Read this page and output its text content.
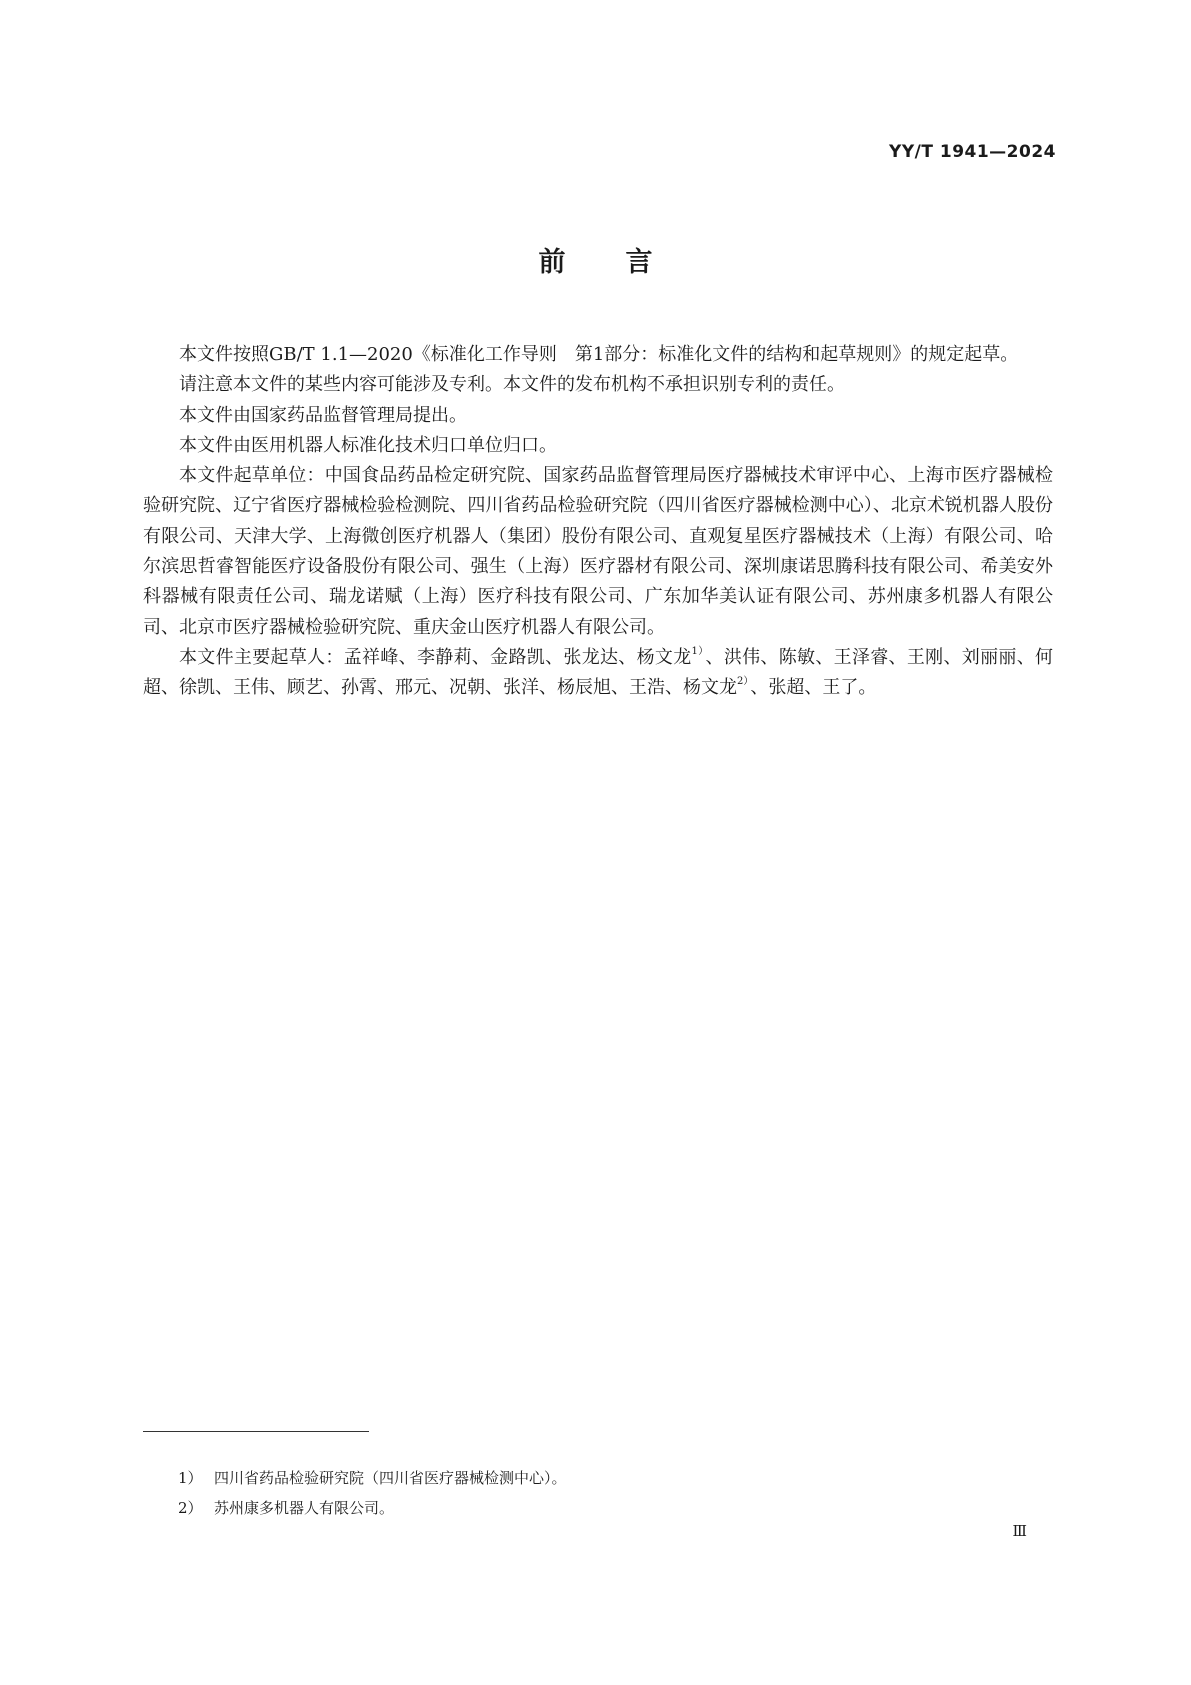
YY/T 1941—2024
前言

本文件按照GB/T 1.1—2020《标准化工作导则　第1部分：标准化文件的结构和起草规则》的规定起草。

请注意本文件的某些内容可能涉及专利。本文件的发布机构不承担识别专利的责任。

本文件由国家药品监督管理局提出。

本文件由医用机器人标准化技术归口单位归口。

本文件起草单位：中国食品药品检定研究院、国家药品监督管理局医疗器械技术审评中心、上海市医疗器械检验研究院、辽宁省医疗器械检验检测院、四川省药品检验研究院（四川省医疗器械检测中心）、北京术锐机器人股份有限公司、天津大学、上海微创医疗机器人（集团）股份有限公司、直观复星医疗器械技术（上海）有限公司、哈尔滨思哲睿智能医疗设备股份有限公司、强生（上海）医疗器材有限公司、深圳康诺思腾科技有限公司、希美安外科器械有限责任公司、瑞龙诺赋（上海）医疗科技有限公司、广东加华美认证有限公司、苏州康多机器人有限公司、北京市医疗器械检验研究院、重庆金山医疗机器人有限公司。

本文件主要起草人：孟祥峰、李静莉、金路凯、张龙达、杨文龙$^{1)}$ 、洪伟、陈敏、王泽睿、王刚、刘丽丽、何超、徐凯、王伟、顾艺、孙霄、邢元、况朝、张洋、杨辰旭、王浩、杨文龙$^{2)}$ 、张超、王了。

1） 四川省药品检验研究院（四川省医疗器械检测中心）。
2） 苏州康多机器人有限公司。
Ⅲ
